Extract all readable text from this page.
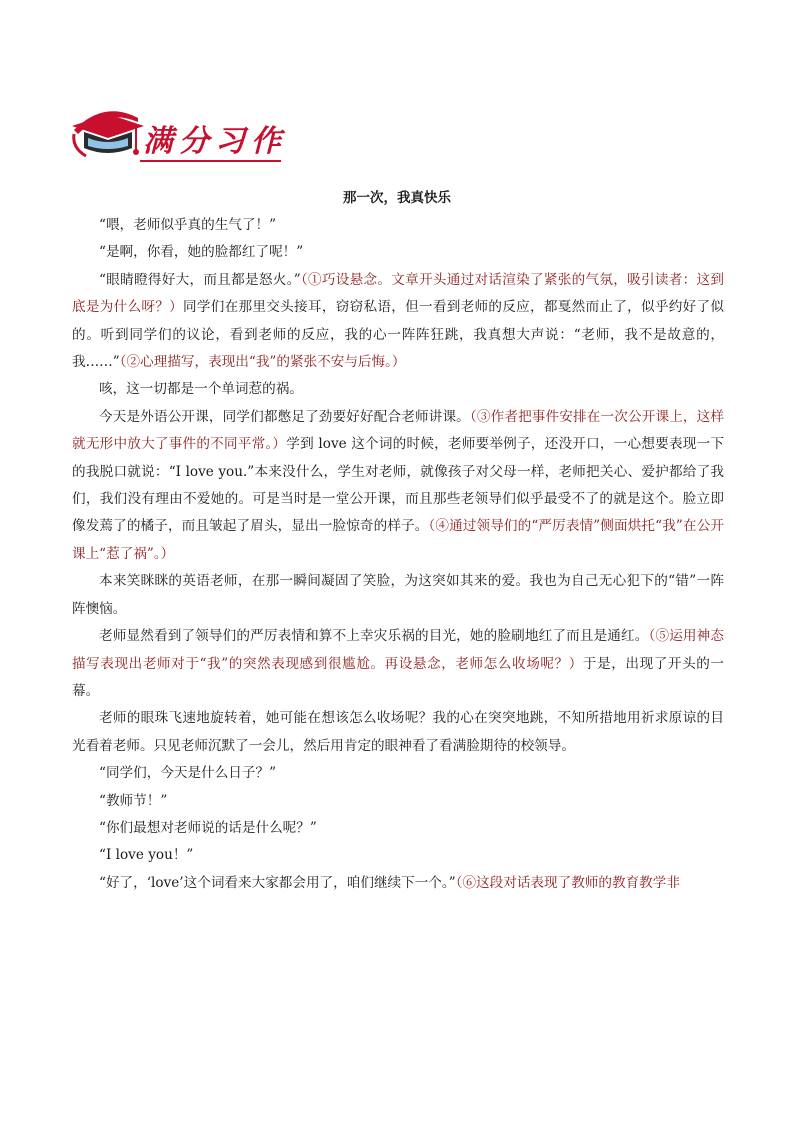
满分习作
那一次，我真快乐

“喂，老师似乎真的生气了！”

“是啊，你看，她的脸都红了呢！”

“眼睛瞪得好大，而且都是怒火。”（①巧设悬念。文章开头通过对话渲染了紧张的气氛，吸引读者：这到底是为什么呀？）同学们在那里交头接耳，窃窃私语，但一看到老师的反应，都戛然而止了，似乎约好了似的。听到同学们的议论，看到老师的反应，我的心一阵阵狂跳，我真想大声说：“老师，我不是故意的，我……”（②心理描写，表现出“我”的紧张不安与后悔。）

咳，这一切都是一个单词惹的祸。

今天是外语公开课，同学们都憋足了劲要好好配合老师讲课。（③作者把事件安排在一次公开课上，这样就无形中放大了事件的不同平常。）学到 love 这个词的时候，老师要举例子，还没开口，一心想要表现一下的我脱口就说：“I love you.”本来没什么，学生对老师，就像孩子对父母一样，老师把关心、爱护都给了我们，我们没有理由不爱她的。可是当时是一堂公开课，而且那些老领导们似乎最受不了的就是这个。脸立即像发蔫了的橘子，而且皱起了眉头，显出一脸惊奇的样子。（④通过领导们的“严厉表情”侧面烘托“我”在公开课上“惹了祸”。）

本来笑眯眯的英语老师，在那一瞬间凝固了笑脸，为这突如其来的爱。我也为自己无心犯下的“错”一阵阵懊恼。

老师显然看到了领导们的严厉表情和算不上幸灾乐祸的目光，她的脸刷地红了而且是通红。（⑤运用神态描写表现出老师对于“我”的突然表现感到很尴尬。再设悬念，老师怎么收场呢？）于是，出现了开头的一幕。

老师的眼珠飞速地旋转着，她可能在想该怎么收场呢？我的心在突突地跳，不知所措地用祈求原谅的目光看着老师。只见老师沉默了一会儿，然后用肯定的眼神看了看满脸期待的校领导。

“同学们，今天是什么日子？”

“教师节！”

“你们最想对老师说的话是什么呢？”

“I love you！”

“好了，‘love’这个词看来大家都会用了，咱们继续下一个。”（⑥这段对话表现了教师的教育教学非
